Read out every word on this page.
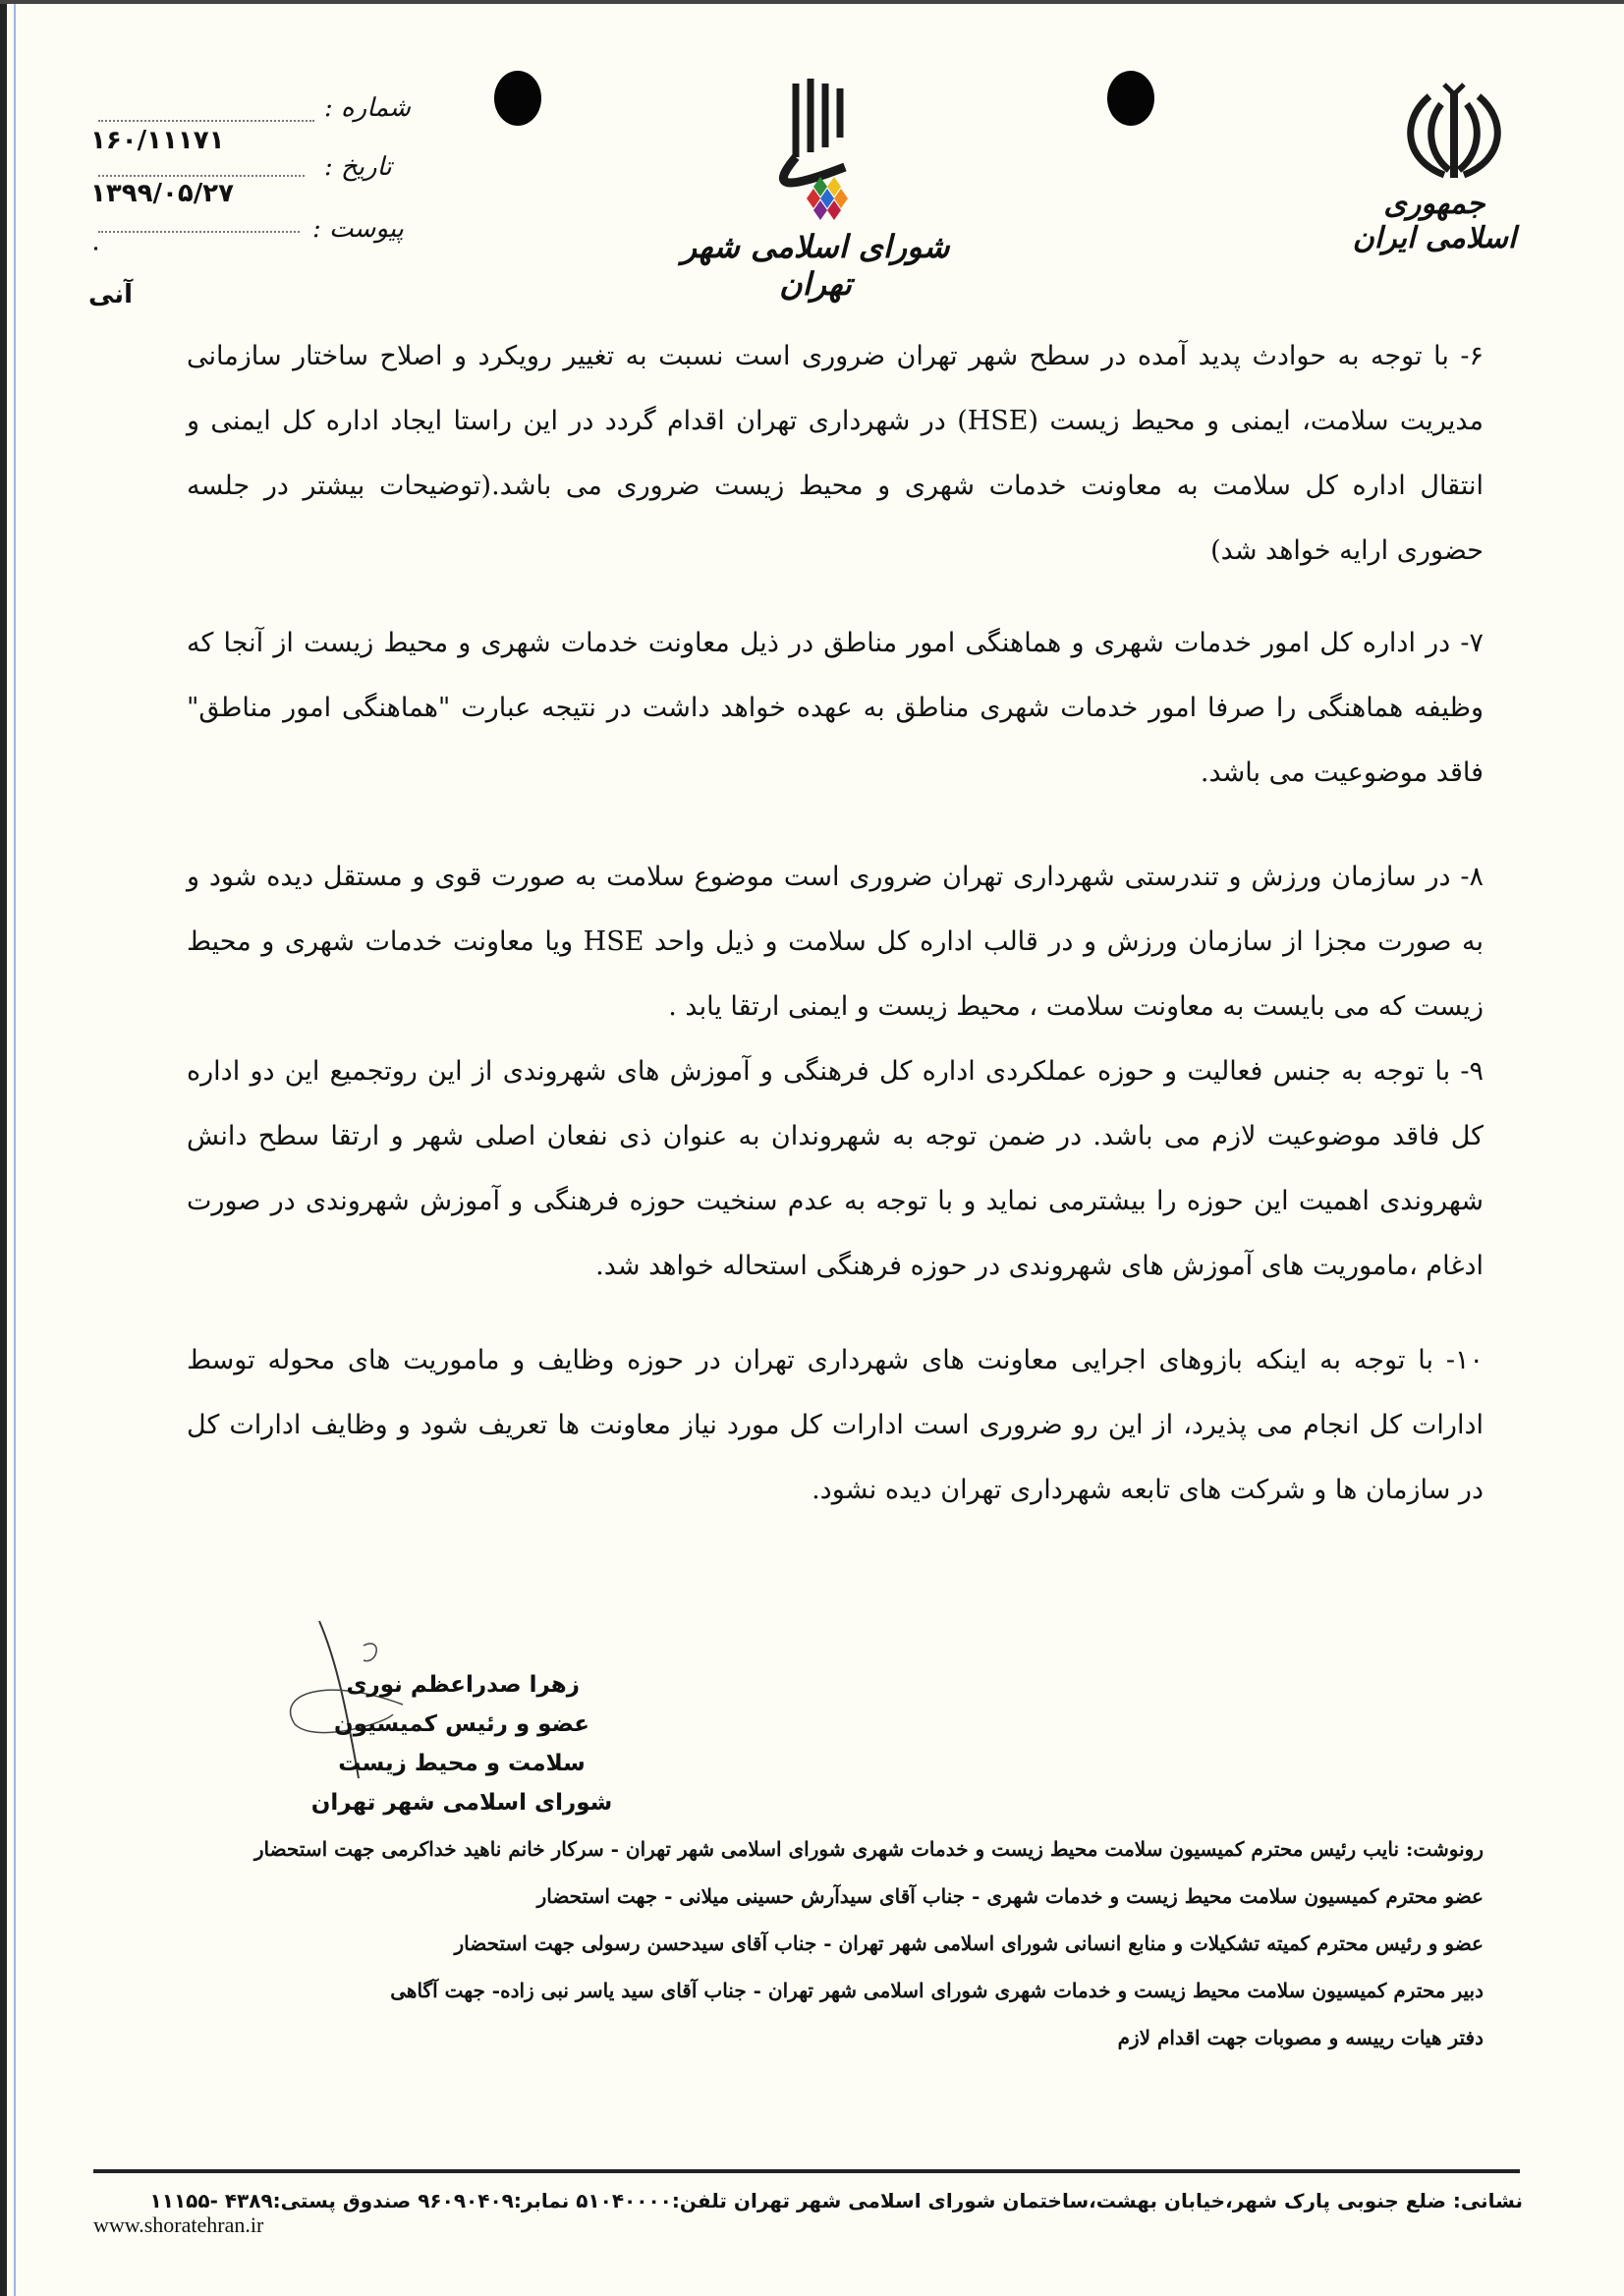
جمهوری اسلامی ایران
شورای اسلامی شهر تهران
شماره :
۱۶۰/۱۱۱۷۱
تاریخ :
۱۳۹۹/۰۵/۲۷
پیوست :
۰
آنی

۶- با توجه به حوادث پدید آمده در سطح شهر تهران ضروری است نسبت به تغییر رویکرد و اصلاح ساختار سازمانی مدیریت سلامت، ایمنی و محیط زیست (HSE) در شهرداری تهران اقدام گردد در این راستا ایجاد اداره کل ایمنی و انتقال اداره کل سلامت به معاونت خدمات شهری و محیط زیست ضروری می باشد.(توضیحات بیشتر در جلسه حضوری ارایه خواهد شد)

۷- در اداره کل امور خدمات شهری و هماهنگی امور مناطق در ذیل معاونت خدمات شهری و محیط زیست از آنجا که وظیفه هماهنگی را صرفا امور خدمات شهری مناطق به عهده خواهد داشت در نتیجه عبارت "هماهنگی امور مناطق" فاقد موضوعیت می باشد.

۸- در سازمان ورزش و تندرستی شهرداری تهران ضروری است موضوع سلامت به صورت قوی و مستقل دیده شود و به صورت مجزا از سازمان ورزش و در قالب اداره کل سلامت و ذیل واحد HSE ویا معاونت خدمات شهری و محیط زیست که می بایست به معاونت سلامت ، محیط زیست و ایمنی ارتقا یابد .

۹- با توجه به جنس فعالیت و حوزه عملکردی اداره کل فرهنگی و آموزش های شهروندی از این روتجمیع این دو اداره کل فاقد موضوعیت لازم می باشد. در ضمن توجه به شهروندان به عنوان ذی نفعان اصلی شهر و ارتقا سطح دانش شهروندی اهمیت این حوزه را بیشترمی نماید و با توجه به عدم سنخیت حوزه فرهنگی و آموزش شهروندی در صورت ادغام ،ماموریت های آموزش های شهروندی در حوزه فرهنگی استحاله خواهد شد.

۱۰- با توجه به اینکه بازوهای اجرایی معاونت های شهرداری تهران در حوزه وظایف و ماموریت های محوله توسط ادارات کل انجام می پذیرد، از این رو ضروری است ادارات کل مورد نیاز معاونت ها تعریف شود و وظایف ادارات کل در سازمان ها و شرکت های تابعه شهرداری تهران دیده نشود.

زهرا صدراعظم نوری
عضو و رئیس کمیسیون سلامت و محیط زیست
شورای اسلامی شهر تهران
رونوشت: نایب رئیس محترم کمیسیون سلامت محیط زیست و خدمات شهری شورای اسلامی شهر تهران - سرکار خانم ناهید خداکرمی جهت استحضار
عضو محترم کمیسیون سلامت محیط زیست و خدمات شهری - جناب آقای سیدآرش حسینی میلانی - جهت استحضار
عضو و رئیس محترم کمیته تشکیلات و منابع انسانی شورای اسلامی شهر تهران - جناب آقای سیدحسن رسولی جهت استحضار
دبیر محترم کمیسیون سلامت محیط زیست و خدمات شهری شورای اسلامی شهر تهران - جناب آقای سید یاسر نبی زاده- جهت آگاهی
دفتر هیات رییسه و مصوبات جهت اقدام لازم
نشانی: ضلع جنوبی پارک شهر،خیابان بهشت،ساختمان شورای اسلامی شهر تهران تلفن:۵۱۰۴۰۰۰۰ نمابر:۹۶۰۹۰۴۰۹ صندوق پستی:۴۳۸۹ -۱۱۱۵۵
www.shoratehran.ir
